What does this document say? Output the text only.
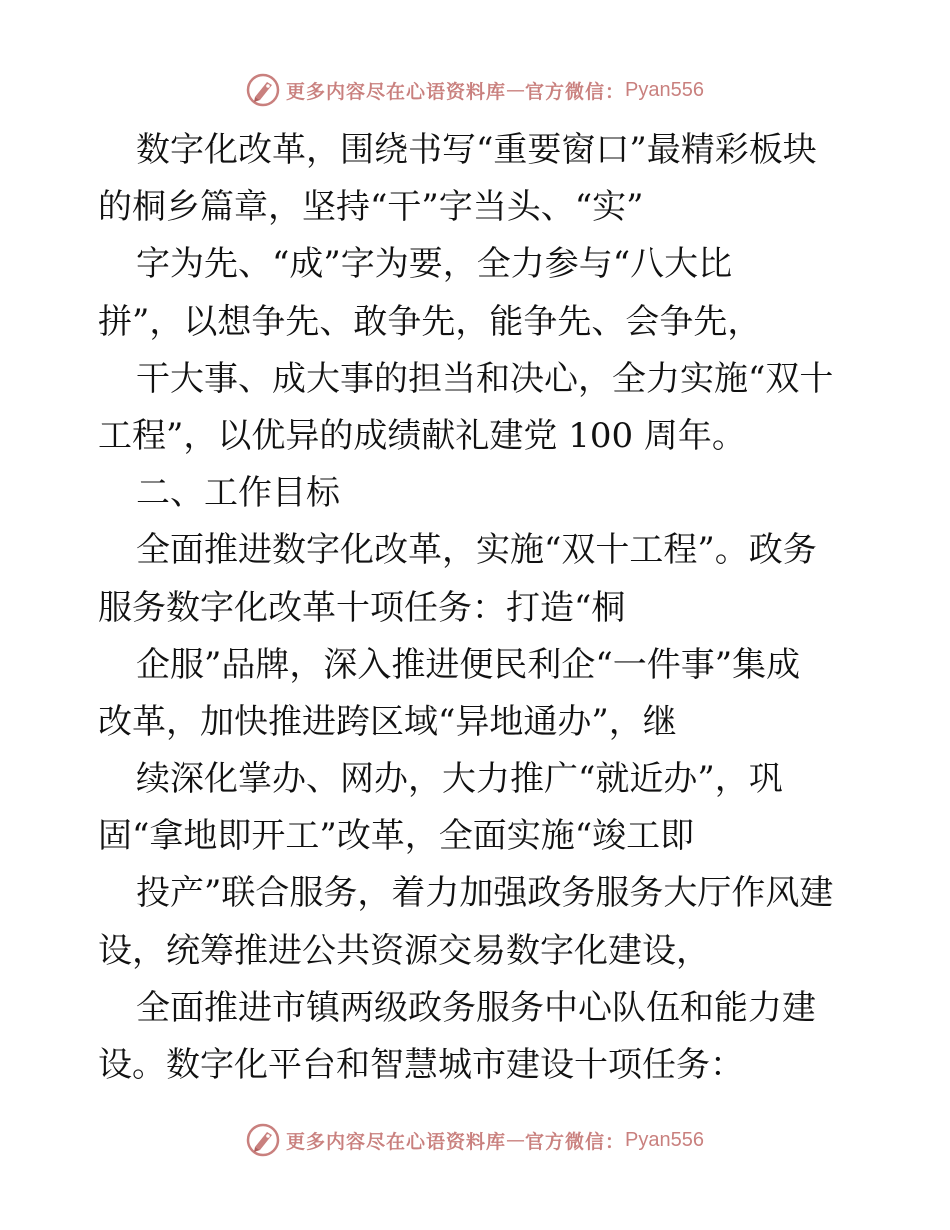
更多内容尽在心语资料库 — 官方微信： Pyan556
数字化改革，围绕书写“重要窗口”最精彩板块
的桐乡篇章，坚持“干”字当头、“实”
字为先、“成”字为要，全力参与“八大比
拼”，以想争先、敢争先，能争先、会争先，
干大事、成大事的担当和决心，全力实施“双十
工程”，以优异的成绩献礼建党 100 周年。
二、工作目标
全面推进数字化改革，实施“双十工程”。政务
服务数字化改革十项任务：打造“桐
企服”品牌，深入推进便民利企“一件事”集成
改革，加快推进跨区域“异地通办”，继
续深化掌办、网办，大力推广“就近办”，巩
固“拿地即开工”改革，全面实施“竣工即
投产”联合服务，着力加强政务服务大厅作风建
设，统筹推进公共资源交易数字化建设，
全面推进市镇两级政务服务中心队伍和能力建
设。数字化平台和智慧城市建设十项任务：
更多内容尽在心语资料库 — 官方微信： Pyan556
